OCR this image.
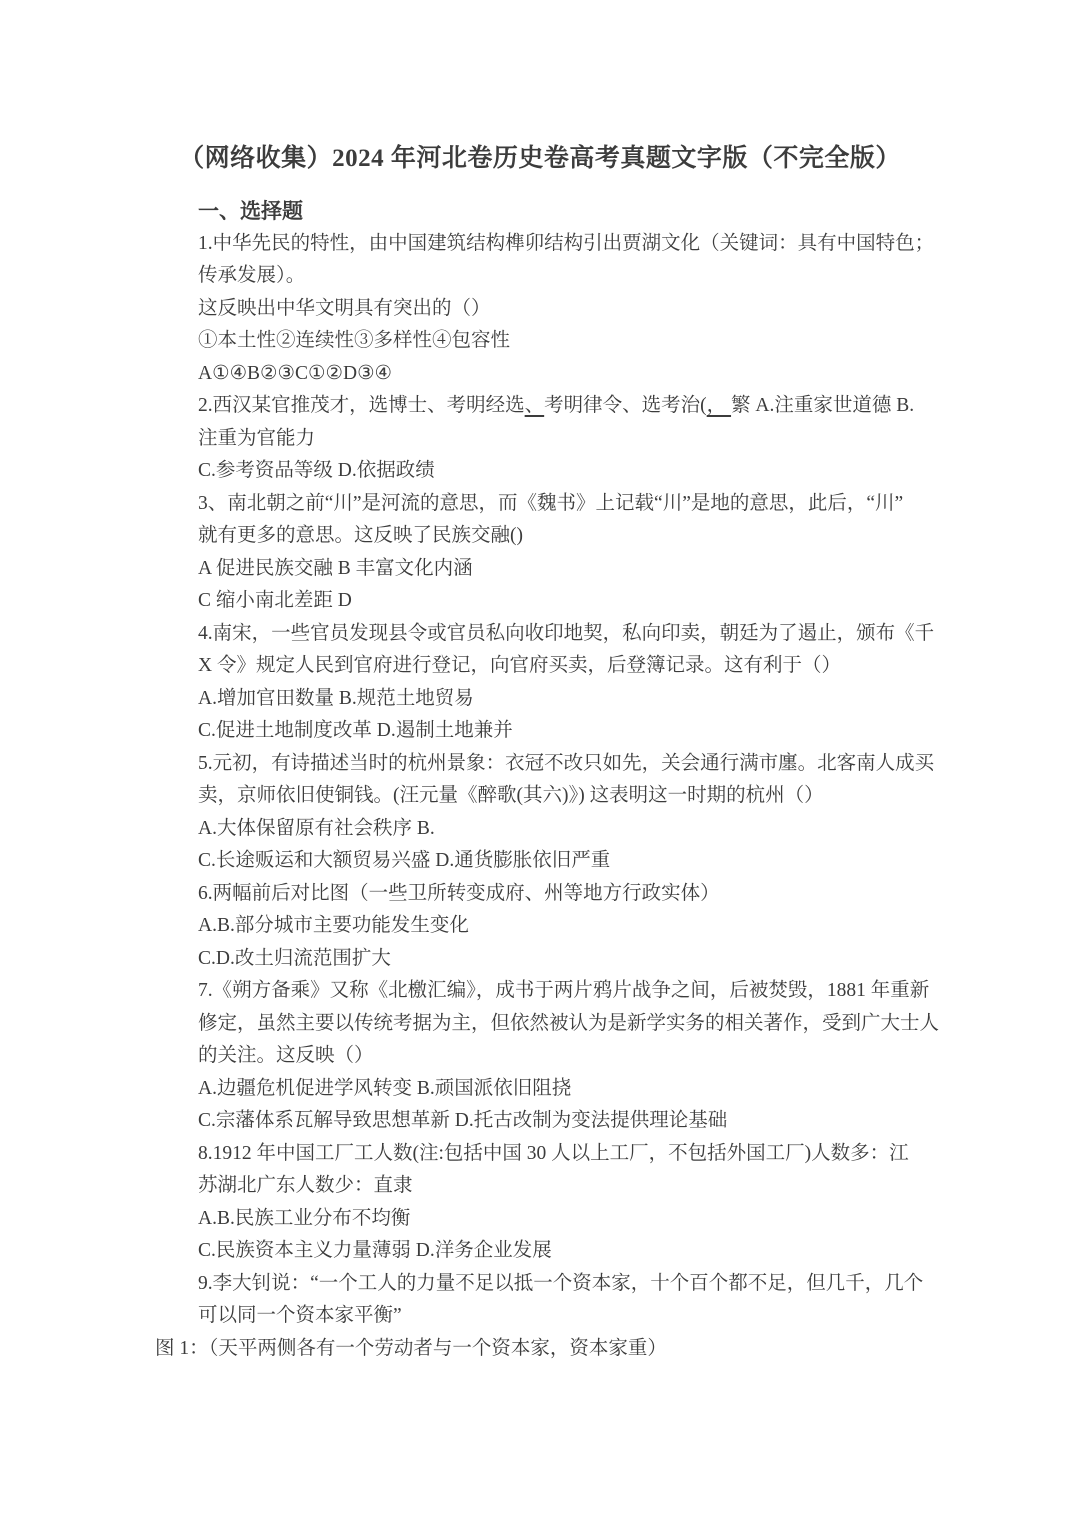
（网络收集）2024 年河北卷历史卷高考真题文字版（不完全版）
一、选择题
1.中华先民的特性，由中国建筑结构榫卯结构引出贾湖文化（关键词：具有中国特色；
传承发展）。
这反映出中华文明具有突出的（）
①本土性②连续性③多样性④包容性
A①④B②③C①②D③④
2.西汉某官推茂才，选博士、考明经选、考明律令、选考治(， 繁 A.注重家世道德 B.
注重为官能力
C.参考资品等级 D.依据政绩
3、南北朝之前“川”是河流的意思，而《魏书》上记载“川”是地的意思，此后，“川”
就有更多的意思。这反映了民族交融()
A 促进民族交融 B 丰富文化内涵
C 缩小南北差距 D
4.南宋，一些官员发现县令或官员私向收印地契，私向印卖，朝廷为了遏止，颁布《千
X 令》规定人民到官府进行登记，向官府买卖，后登簿记录。这有利于（）
A.增加官田数量 B.规范土地贸易
C.促进土地制度改革 D.遏制土地兼并
5.元初，有诗描述当时的杭州景象：衣冠不改只如先，关会通行满市廛。北客南人成买
卖，京师依旧使铜钱。(汪元量《醉歌(其六)》) 这表明这一时期的杭州（）
A.大体保留原有社会秩序 B.
C.长途贩运和大额贸易兴盛 D.通货膨胀依旧严重
6.两幅前后对比图（一些卫所转变成府、州等地方行政实体）
A.B.部分城市主要功能发生变化
C.D.改土归流范围扩大
7.《朔方备乘》又称《北檄汇编》，成书于两片鸦片战争之间，后被焚毁，1881 年重新
修定，虽然主要以传统考据为主，但依然被认为是新学实务的相关著作，受到广大士人
的关注。这反映（）
A.边疆危机促进学风转变 B.顽国派依旧阻挠
C.宗藩体系瓦解导致思想革新 D.托古改制为变法提供理论基础
8.1912 年中国工厂工人数(注:包括中国 30 人以上工厂，不包括外国工厂)人数多：江
苏湖北广东人数少：直隶
A.B.民族工业分布不均衡
C.民族资本主义力量薄弱 D.洋务企业发展
9.李大钊说：“一个工人的力量不足以抵一个资本家，十个百个都不足，但几千，几个
可以同一个资本家平衡”
图 1：（天平两侧各有一个劳动者与一个资本家，资本家重）
